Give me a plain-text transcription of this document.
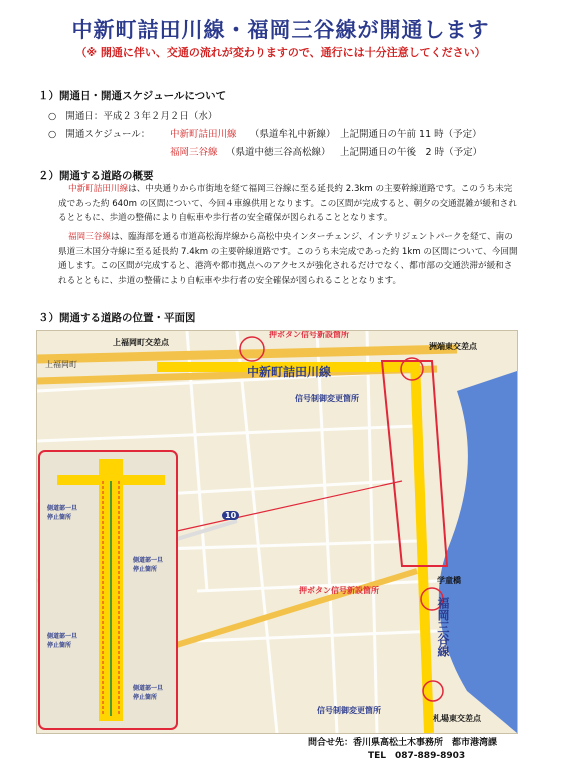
中新町詰田川線・福岡三谷線が開通します
（※ 開通に伴い、交通の流れが変わりますので、通行には十分注意してください）
１）開通日・開通スケジュールについて
○ 開通日：平成２３年２月２日（水）
○ 開通スケジュール： 中新町詰田川線 （県道牟礼中新線） 上記開通日の午前 11 時（予定）
福岡三谷線 （県道中徳三谷高松線） 上記開通日の午後　2 時（予定）
２）開通する道路の概要
中新町詰田川線は、中央通りから市街地を経て福岡三谷線に至る延長約 2.3km の主要幹線道路です。このうち未完成であった約 640m の区間について、今回４車線供用となります。この区間が完成すると、朝夕の交通混雑が緩和されるとともに、歩道の整備により自転車や歩行者の安全確保が図られることとなります。
福岡三谷線は、臨海部を通る市道高松海岸線から高松中央インターチェンジ、インテリジェントパークを経て、南の県道三木国分寺線に至る延長約 7.4km の主要幹線道路です。このうち未完成であった約 1km の区間について、今回開通します。この区間が完成すると、港湾や都市拠点へのアクセスが強化されるだけでなく、都市部の交通渋滞が緩和されるとともに、歩道の整備により自転車や歩行者の安全確保が図られることとなります。
３）開通する道路の位置・平面図
上福岡町交差点
押ボタン信号新設箇所
洲端東交差点
中新町詰田川線
信号制御変更箇所
上福岡町
10
学童橋
福岡三谷線
押ボタン信号新設箇所
信号制御変更箇所
札場東交差点
側道部一旦停止箇所
側道部一旦停止箇所
側道部一旦停止箇所
側道部一旦停止箇所
問合せ先：香川県高松土木事務所　都市港湾課
TEL　087-889-8903
